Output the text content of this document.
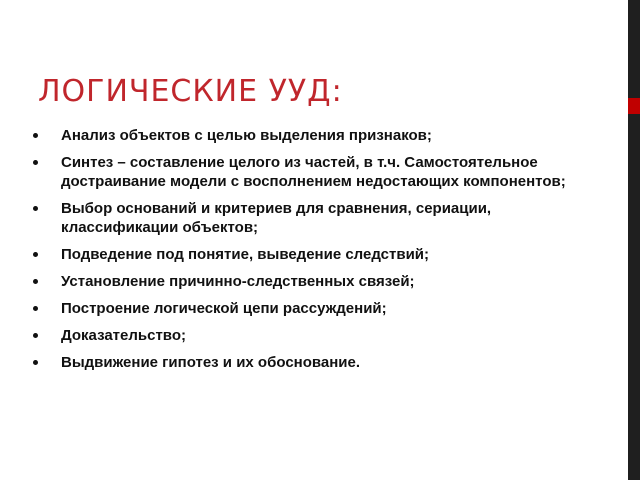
ЛОГИЧЕСКИЕ УУД:
Анализ объектов с целью выделения признаков;
Синтез – составление целого из частей, в т.ч. Самостоятельное достраивание модели с восполнением недостающих компонентов;
Выбор оснований и критериев для сравнения, сериации, классификации объектов;
Подведение под понятие, выведение следствий;
Установление причинно-следственных связей;
Построение логической цепи рассуждений;
Доказательство;
Выдвижение гипотез и их обоснование.
